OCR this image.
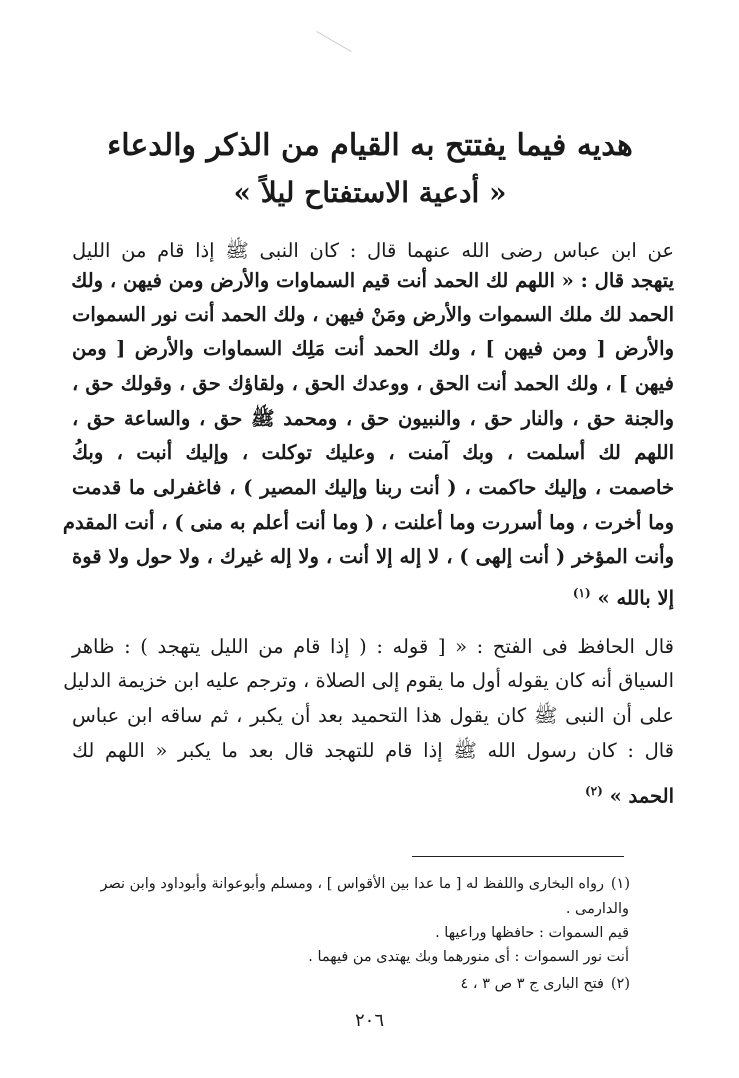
هديه فيما يفتتح به القيام من الذكر والدعاء
« أدعية الاستفتاح ليلاً »
عن ابن عباس رضى الله عنهما قال : كان النبى ﷺ إذا قام من الليل
يتهجد قال : « اللهم لك الحمد أنت قيم السماوات والأرض ومن فيهن ، ولك
الحمد لك ملك السموات والأرض ومَنْ فيهن ، ولك الحمد أنت نور السموات
والأرض [ ومن فيهن ] ، ولك الحمد أنت مَلِك السماوات والأرض [ ومن
فيهن ] ، ولك الحمد أنت الحق ، ووعدك الحق ، ولقاؤك حق ، وقولك حق ،
والجنة حق ، والنار حق ، والنبيون حق ، ومحمد ﷺ حق ، والساعة حق ،
اللهم لك أسلمت ، وبك آمنت ، وعليك توكلت ، وإليك أنبت ، وبكُ
خاصمت ، وإليك حاكمت ، ( أنت ربنا وإليك المصير ) ، فاغفرلى ما قدمت
وما أخرت ، وما أسررت وما أعلنت ، ( وما أنت أعلم به منى ) ، أنت المقدم
وأنت المؤخر ( أنت إلهى ) ، لا إله إلا أنت ، ولا إله غيرك ، ولا حول ولا قوة
إلا بالله » $^{(١)}$
قال الحافظ فى الفتح : « [ قوله : ( إذا قام من الليل يتهجد ) : ظاهر
السياق أنه كان يقوله أول ما يقوم إلى الصلاة ، وترجم عليه ابن خزيمة الدليل
على أن النبى ﷺ كان يقول هذا التحميد بعد أن يكبر ، ثم ساقه ابن عباس
قال : كان رسول الله ﷺ إذا قام للتهجد قال بعد ما يكبر « اللهم لك
الحمد » $^{(٢)}$
(١)رواه البخارى واللفظ له [ ما عدا بين الأقواس ] ، ومسلم وأبوعوانة وأبوداود وابن نصر
والدارمى .
قيم السموات : حافظها وراعيها .
أنت نور السموات : أى منورهما وبك يهتدى من فيهما .
(٢)فتح البارى ج ٣ ص ٣ ، ٤
٢٠٦
